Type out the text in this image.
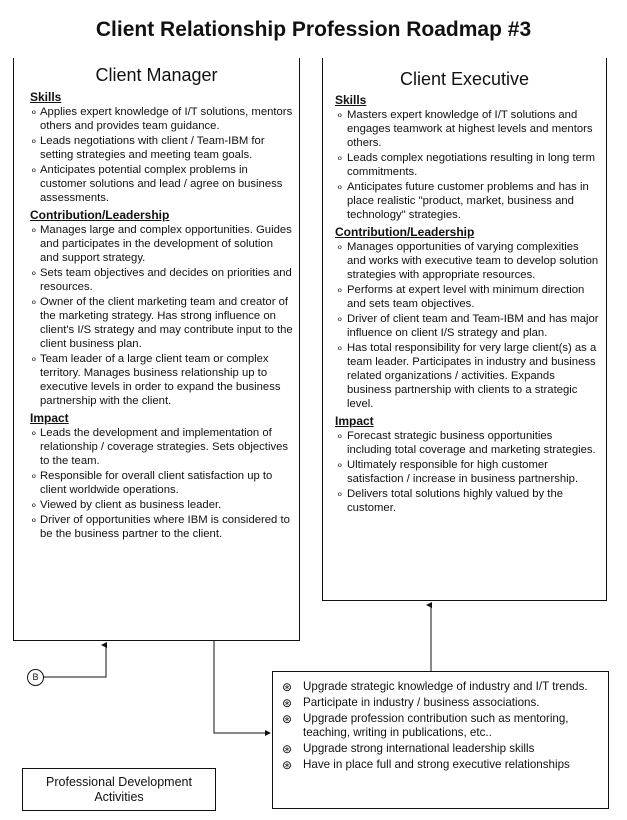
Client Relationship Profession Roadmap #3
B
Client Manager
Skills
∘ Applies expert knowledge of I/T solutions, mentors others and provides team guidance.
∘ Leads negotiations with client / Team-IBM for setting strategies and meeting team goals.
∘ Anticipates potential complex problems in customer solutions and lead / agree on business assessments.
Contribution/Leadership
∘ Manages large and complex opportunities. Guides and participates in the development of solution and support strategy.
∘ Sets team objectives and decides on priorities and resources.
∘ Owner of the client marketing team and creator of the marketing strategy. Has strong influence on client's I/S strategy and may contribute input to the client business plan.
∘ Team leader of a large client team or complex territory. Manages business relationship up to executive levels in order to expand the business partnership with the client.
Impact
∘ Leads the development and implementation of relationship / coverage strategies. Sets objectives to the team.
∘ Responsible for overall client satisfaction up to client worldwide operations.
∘ Viewed by client as business leader.
∘ Driver of opportunities where IBM is considered to be the business partner to the client.
Client Executive
Skills
∘ Masters expert knowledge of I/T solutions and engages teamwork at highest levels and mentors others.
∘ Leads complex negotiations resulting in long term commitments.
∘ Anticipates future customer problems and has in place realistic "product, market, business and technology" strategies.
Contribution/Leadership
∘ Manages opportunities of varying complexities and works with executive team to develop solution strategies with appropriate resources.
∘ Performs at expert level with minimum direction and sets team objectives.
∘ Driver of client team and Team-IBM and has major influence on client I/S strategy and plan.
∘ Has total responsibility for very large client(s) as a team leader. Participates in industry and business related organizations / activities. Expands business partnership with clients to a strategic level.
Impact
∘ Forecast strategic business opportunities including total coverage and marketing strategies.
∘ Ultimately responsible for high customer satisfaction / increase in business partnership.
∘ Delivers total solutions highly valued by the customer.
⊛ Upgrade strategic knowledge of industry and I/T trends.
⊛ Participate in industry / business associations.
⊛ Upgrade profession contribution such as mentoring, teaching, writing in publications, etc..
⊛ Upgrade strong international leadership skills
⊛ Have in place full and strong executive relationships
Professional Development Activities
